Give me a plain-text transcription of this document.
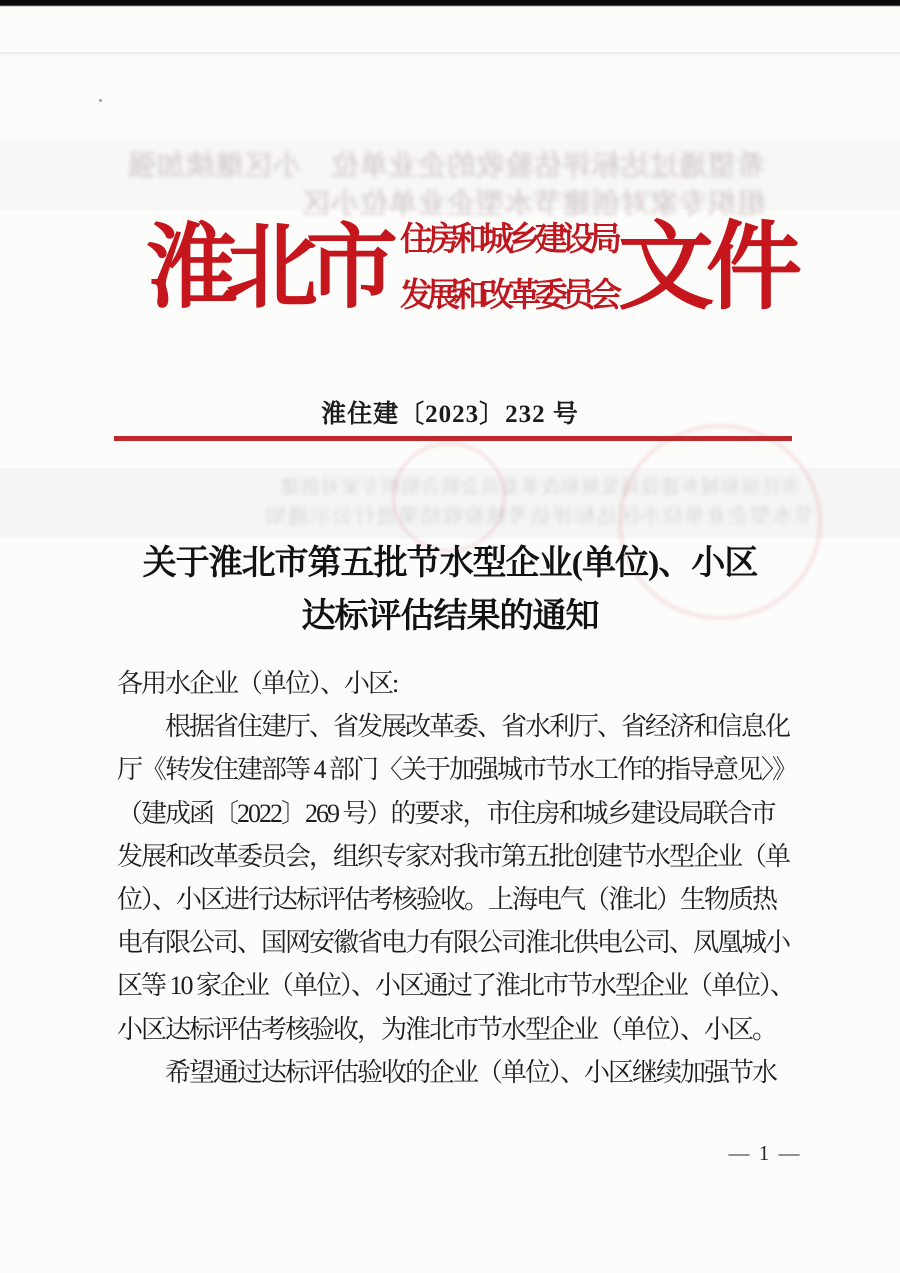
希望通过达标评估验收的企业单位　小区继续加强
组织专家对创建节水型企业单位小区
市住房和城乡建设局发展和改革委员会联合组织专家对创建
节水型企业单位小区达标评估考核验收结果进行公示通知
淮北市 住房和城乡建设局
发展和改革委员会 文件
淮住建〔2023〕232 号
关于淮北市第五批节水型企业(单位)、小区
达标评估结果的通知
各用水企业（单位）、小区:
　　根据省住建厅、省发展改革委、省水利厅、省经济和信息化
厅《转发住建部等 4 部门〈关于加强城市节水工作的指导意见〉》
（建成函〔2022〕269 号）的要求，市住房和城乡建设局联合市
发展和改革委员会，组织专家对我市第五批创建节水型企业（单
位）、小区进行达标评估考核验收。上海电气（淮北）生物质热
电有限公司、国网安徽省电力有限公司淮北供电公司、凤凰城小
区等 10 家企业（单位）、小区通过了淮北市节水型企业（单位）、
小区达标评估考核验收，为淮北市节水型企业（单位）、小区。
　　希望通过达标评估验收的企业（单位）、小区继续加强节水
— 1 —
